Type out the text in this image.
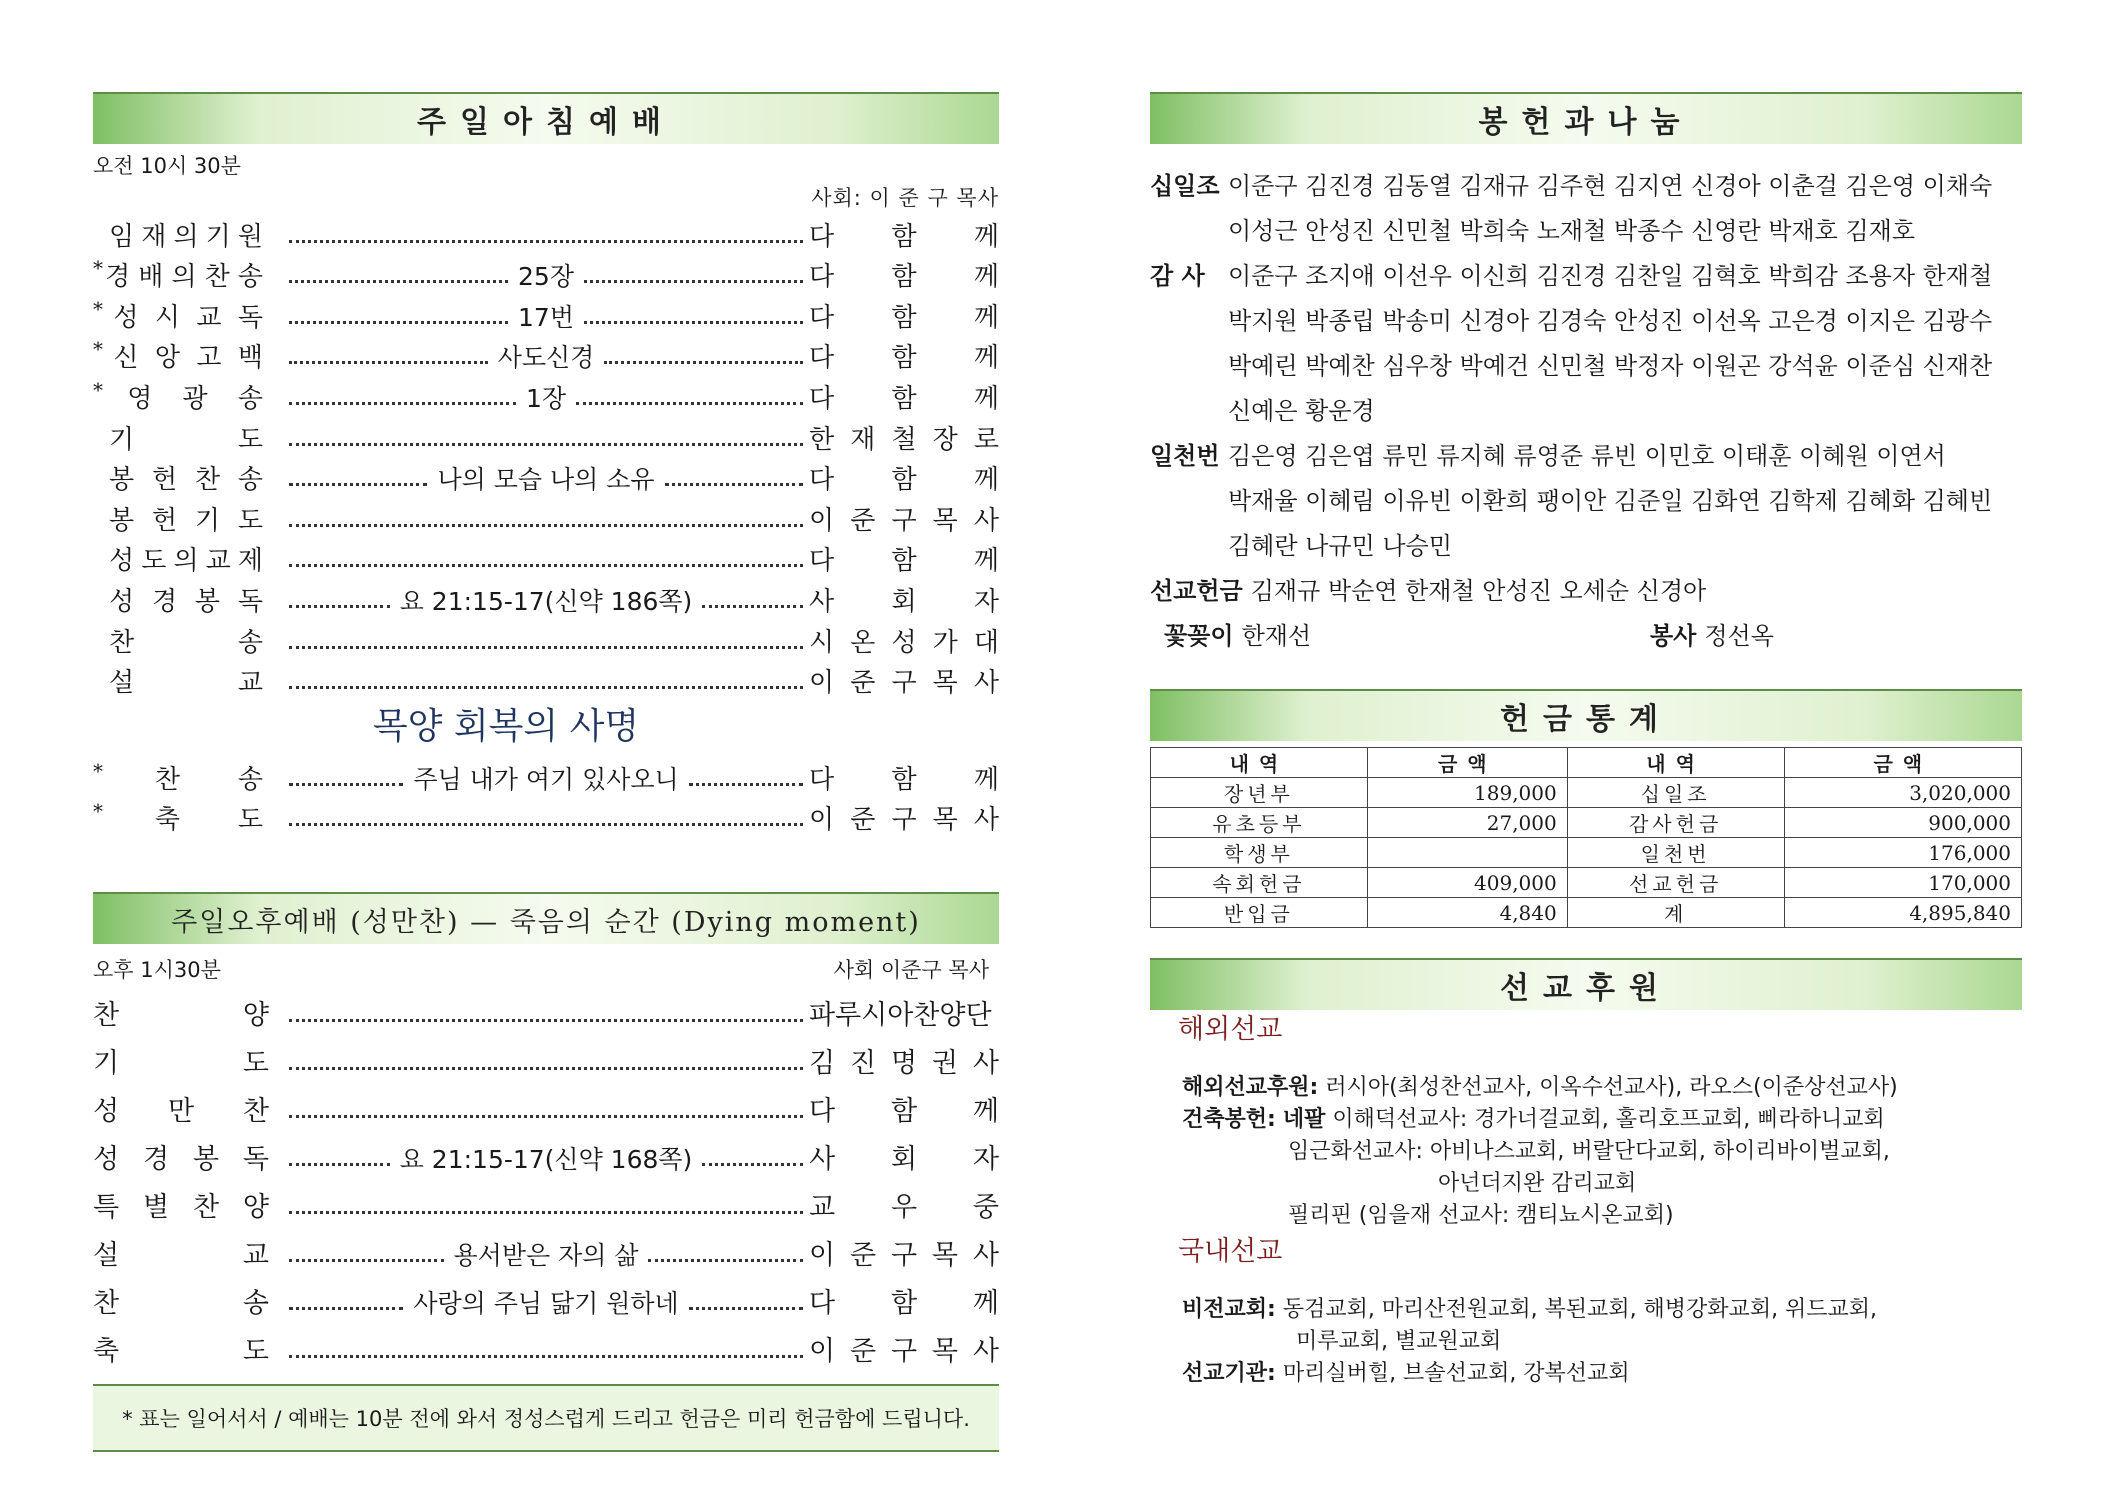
주일아침예배
오전 10시 30분
사회: 이 준 구 목사
임 재 의 기 원	다 함 께
* 경 배 의 찬 송	25장	다 함 께
* 성 시 교 독	17번	다 함 께
* 신 앙 고 백	사도신경	다 함 께
* 영 광 송	1장	다 함 께
기	도	한 재 철 장 로
봉 헌 찬 송	나의 모습 나의 소유	다 함 께
봉 헌 기 도	이 준 구 목 사
성 도 의 교 제	다 함 께
성 경 봉 독	요 21:15-17(신약 186쪽)	사 회 자
찬	송	시 온 성 가 대
설	교	이 준 구 목 사
목양 회복의 사명
* 찬 송	주님 내가 여기 있사오니	다 함 께
* 축 도	이 준 구 목 사
주일오후예배 (성만찬) — 죽음의 순간 (Dying moment)
오후 1시30분	사회 이준구 목사
찬	양	파루시아찬양단
기	도	김 진 명 권 사
성 만 찬	다 함 께
성 경 봉 독	요 21:15-17(신약 168쪽)	사 회 자
특 별 찬 양	교 우 중
설	교	용서받은 자의 삶	이 준 구 목 사
찬	송	사랑의 주님 닮기 원하네	다 함 께
축	도	이 준 구 목 사
* 표는 일어서서 / 예배는 10분 전에 와서 정성스럽게 드리고 헌금은 미리 헌금함에 드립니다.
봉헌과나눔
십일조 이준구 김진경 김동열 김재규 김주현 김지연 신경아 이춘걸 김은영 이채숙
이성근 안성진 신민철 박희숙 노재철 박종수 신영란 박재호 김재호
감 사 이준구 조지애 이선우 이신희 김진경 김찬일 김혁호 박희감 조용자 한재철
박지원 박종립 박송미 신경아 김경숙 안성진 이선옥 고은경 이지은 김광수
박예린 박예찬 심우창 박예건 신민철 박정자 이원곤 강석윤 이준심 신재찬
신예은 황운경
일천번 김은영 김은엽 류민 류지혜 류영준 류빈 이민호 이태훈 이혜원 이연서
박재율 이혜림 이유빈 이환희 팽이안 김준일 김화연 김학제 김혜화 김혜빈
김혜란 나규민 나승민
선교헌금 김재규 박순연 한재철 안성진 오세순 신경아
꽃꽂이 한재선	봉사 정선옥
헌금통계
내역	금액	내역	금액
장년부	189,000	십일조	3,020,000
유초등부	27,000	감사헌금	900,000
학생부		일천번	176,000
속회헌금	409,000	선교헌금	170,000
반입금	4,840	계	4,895,840
선교후원
해외선교
해외선교후원: 러시아(최성찬선교사, 이옥수선교사), 라오스(이준상선교사)
건축봉헌: 네팔 이해덕선교사: 경가너걸교회, 홀리호프교회, 삐라하니교회
임근화선교사: 아비나스교회, 버랄단다교회, 하이리바이벌교회,
아넌더지완 감리교회
필리핀 (임을재 선교사: 캠티뇨시온교회)
국내선교
비전교회: 동검교회, 마리산전원교회, 복된교회, 해병강화교회, 위드교회,
미루교회, 별교원교회
선교기관: 마리실버힐, 브솔선교회, 강복선교회
